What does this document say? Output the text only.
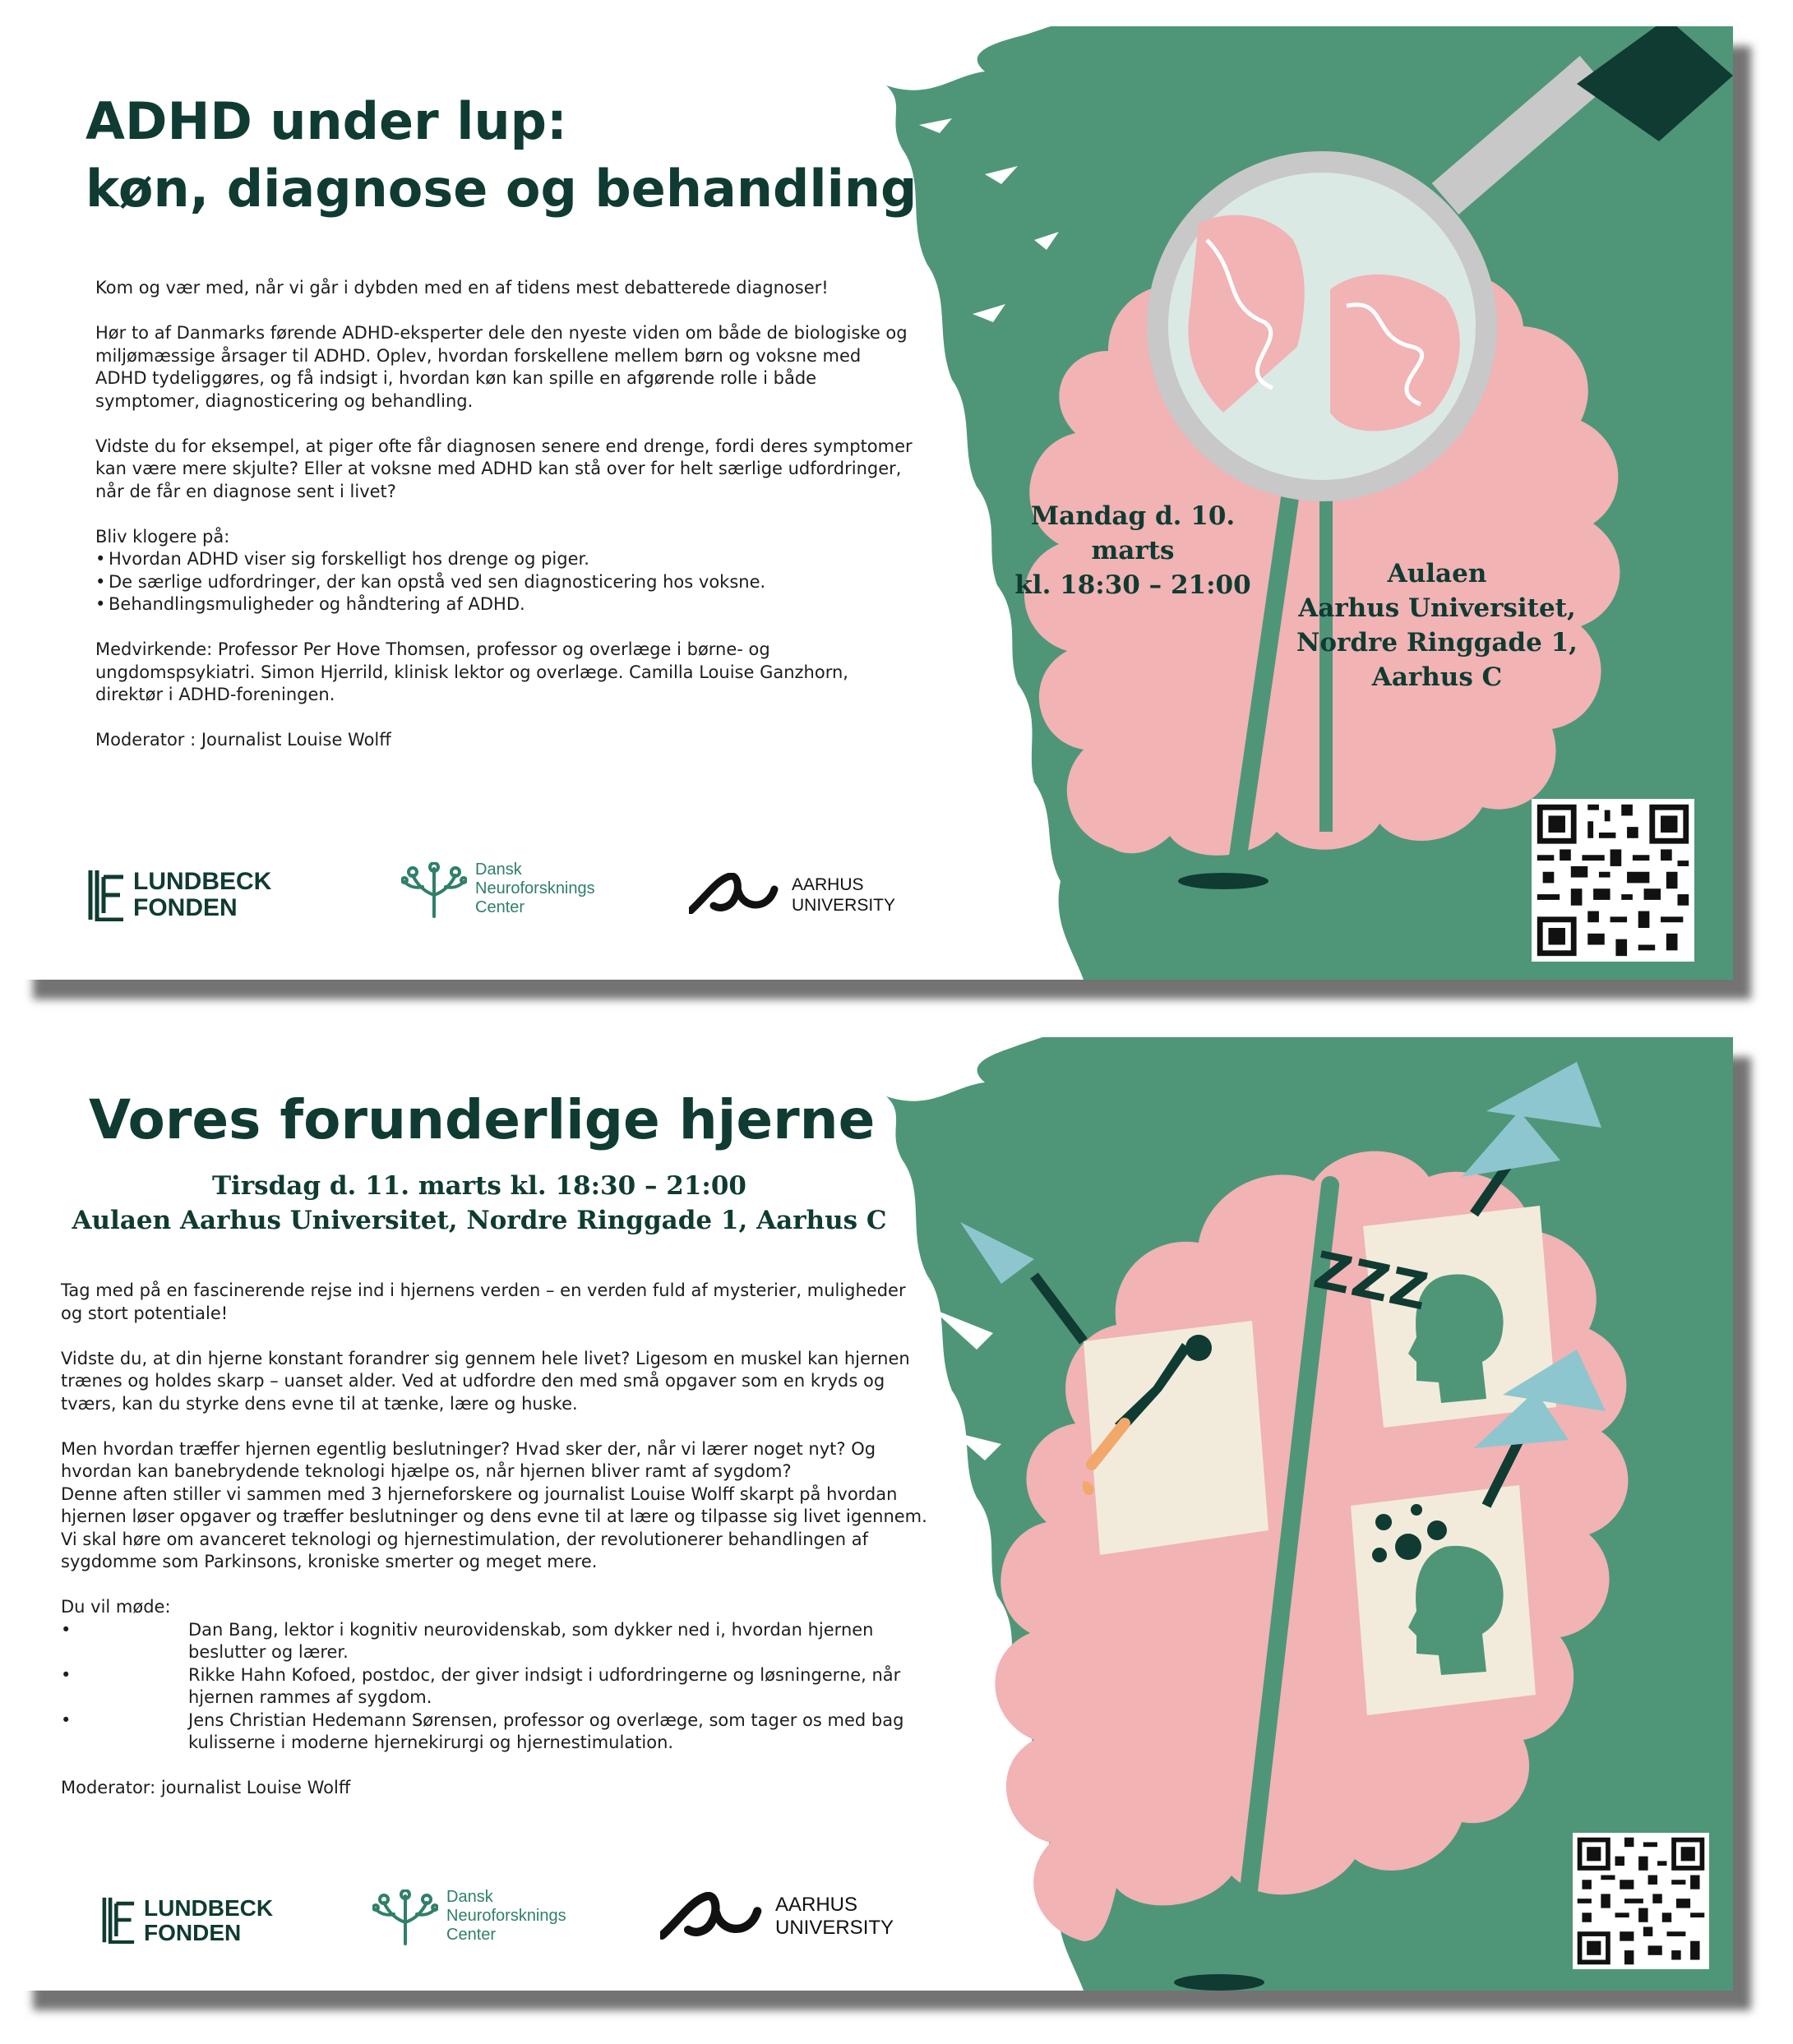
ADHD under lup:
køn, diagnose og behandling

Kom og vær med, når vi går i dybden med en af tidens mest debatterede diagnoser!

Hør to af Danmarks førende ADHD-eksperter dele den nyeste viden om både de biologiske og miljømæssige årsager til ADHD. Oplev, hvordan forskellene mellem børn og voksne med ADHD tydeliggøres, og få indsigt i, hvordan køn kan spille en afgørende rolle i både symptomer, diagnosticering og behandling.

Vidste du for eksempel, at piger ofte får diagnosen senere end drenge, fordi deres symptomer kan være mere skjulte? Eller at voksne med ADHD kan stå over for helt særlige udfordringer, når de får en diagnose sent i livet?

Bliv klogere på:

• Hvordan ADHD viser sig forskelligt hos drenge og piger.
• De særlige udfordringer, der kan opstå ved sen diagnosticering hos voksne.
• Behandlingsmuligheder og håndtering af ADHD.

Medvirkende: Professor Per Hove Thomsen, professor og overlæge i børne- og ungdomspsykiatri. Simon Hjerrild, klinisk lektor og overlæge. Camilla Louise Ganzhorn, direktør i ADHD-foreningen.

Moderator : Journalist Louise Wolff

Mandag d. 10. marts
kl. 18:30 – 21:00	Aulaen
Aarhus Universitet,
Nordre Ringgade 1,
Aarhus C
LUNDBECK
FONDEN
Dansk
Neuroforsknings
Center
AARHUS
UNIVERSITY
ZZZ
Vores forunderlige hjerne
Tirsdag d. 11. marts kl. 18:30 – 21:00
Aulaen Aarhus Universitet, Nordre Ringgade 1, Aarhus C

Tag med på en fascinerende rejse ind i hjernens verden – en verden fuld af mysterier, muligheder og stort potentiale!

Vidste du, at din hjerne konstant forandrer sig gennem hele livet? Ligesom en muskel kan hjernen trænes og holdes skarp – uanset alder. Ved at udfordre den med små opgaver som en kryds og tværs, kan du styrke dens evne til at tænke, lære og huske.

Men hvordan træffer hjernen egentlig beslutninger? Hvad sker der, når vi lærer noget nyt? Og hvordan kan banebrydende teknologi hjælpe os, når hjernen bliver ramt af sygdom?

Denne aften stiller vi sammen med 3 hjerneforskere og journalist Louise Wolff skarpt på hvordan hjernen løser opgaver og træffer beslutninger og dens evne til at lære og tilpasse sig livet igennem. Vi skal høre om avanceret teknologi og hjernestimulation, der revolutionerer behandlingen af sygdomme som Parkinsons, kroniske smerter og meget mere.

Du vil møde:

•	Dan Bang, lektor i kognitiv neurovidenskab, som dykker ned i, hvordan hjernen beslutter og lærer.
•	Rikke Hahn Kofoed, postdoc, der giver indsigt i udfordringerne og løsningerne, når hjernen rammes af sygdom.
•	Jens Christian Hedemann Sørensen, professor og overlæge, som tager os med bag kulisserne i moderne hjernekirurgi og hjernestimulation.

Moderator: journalist Louise Wolff

LUNDBECK
FONDEN
Dansk
Neuroforsknings
Center
AARHUS
UNIVERSITY
